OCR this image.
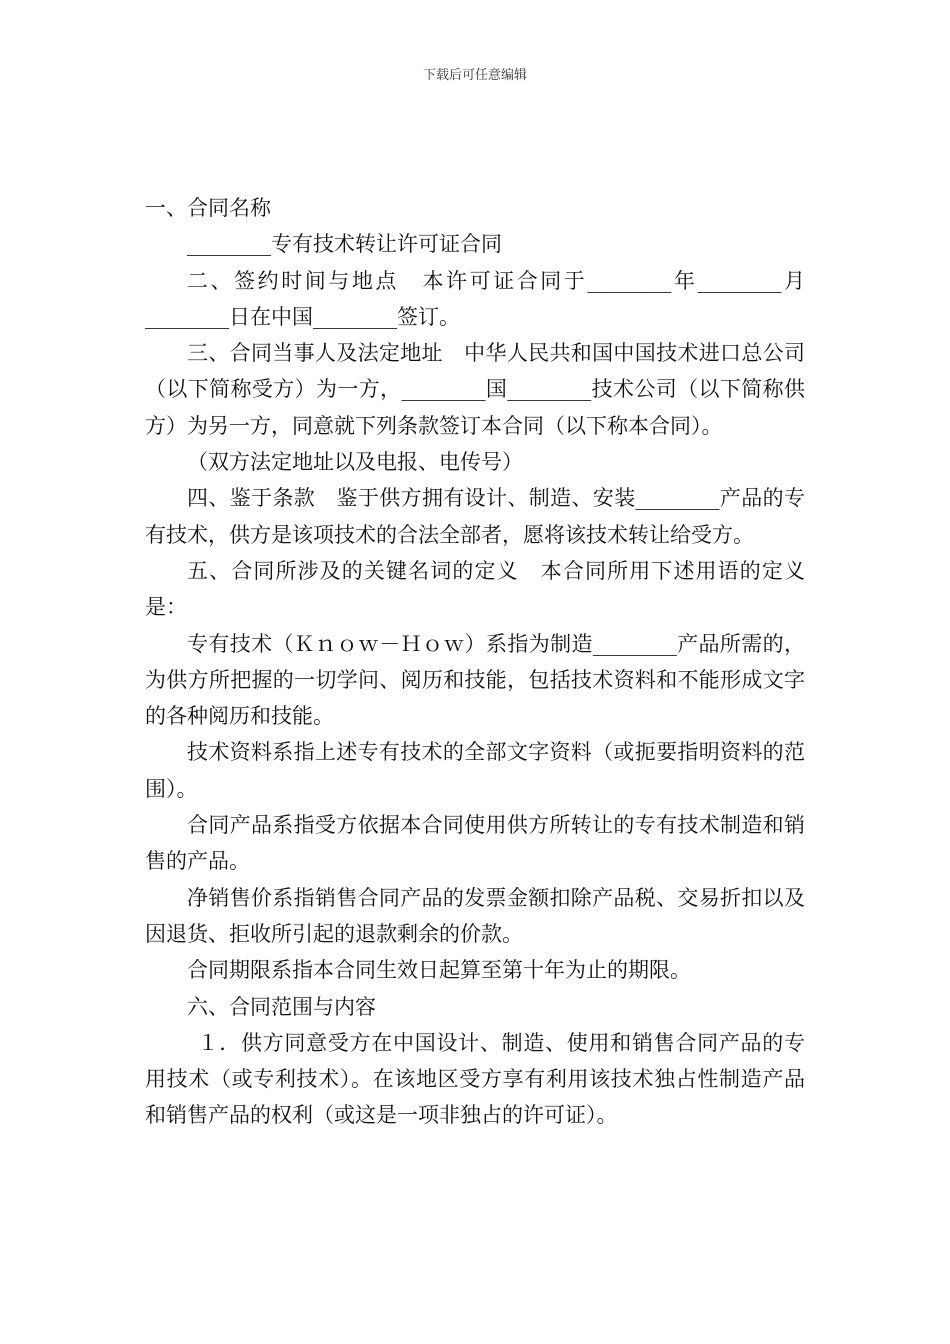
下载后可任意编辑

一、合同名称

________专有技术转让许可证合同

二、签约时间与地点　本许可证合同于________年________月________日在中国________签订。

三、合同当事人及法定地址　中华人民共和国中国技术进口总公司（以下简称受方）为一方，________国________技术公司（以下简称供方）为另一方，同意就下列条款签订本合同（以下称本合同）。

（双方法定地址以及电报、电传号）

四、鉴于条款　鉴于供方拥有设计、制造、安装________产品的专有技术，供方是该项技术的合法全部者，愿将该技术转让给受方。

五、合同所涉及的关键名词的定义　本合同所用下述用语的定义是：

专有技术（Ｋｎｏｗ－Ｈｏｗ）系指为制造________产品所需的，为供方所把握的一切学问、阅历和技能，包括技术资料和不能形成文字的各种阅历和技能。

技术资料系指上述专有技术的全部文字资料（或扼要指明资料的范围）。

合同产品系指受方依据本合同使用供方所转让的专有技术制造和销售的产品。

净销售价系指销售合同产品的发票金额扣除产品税、交易折扣以及因退货、拒收所引起的退款剩余的价款。

合同期限系指本合同生效日起算至第十年为止的期限。

六、合同范围与内容

１．供方同意受方在中国设计、制造、使用和销售合同产品的专用技术（或专利技术）。在该地区受方享有利用该技术独占性制造产品和销售产品的权利（或这是一项非独占的许可证）。
